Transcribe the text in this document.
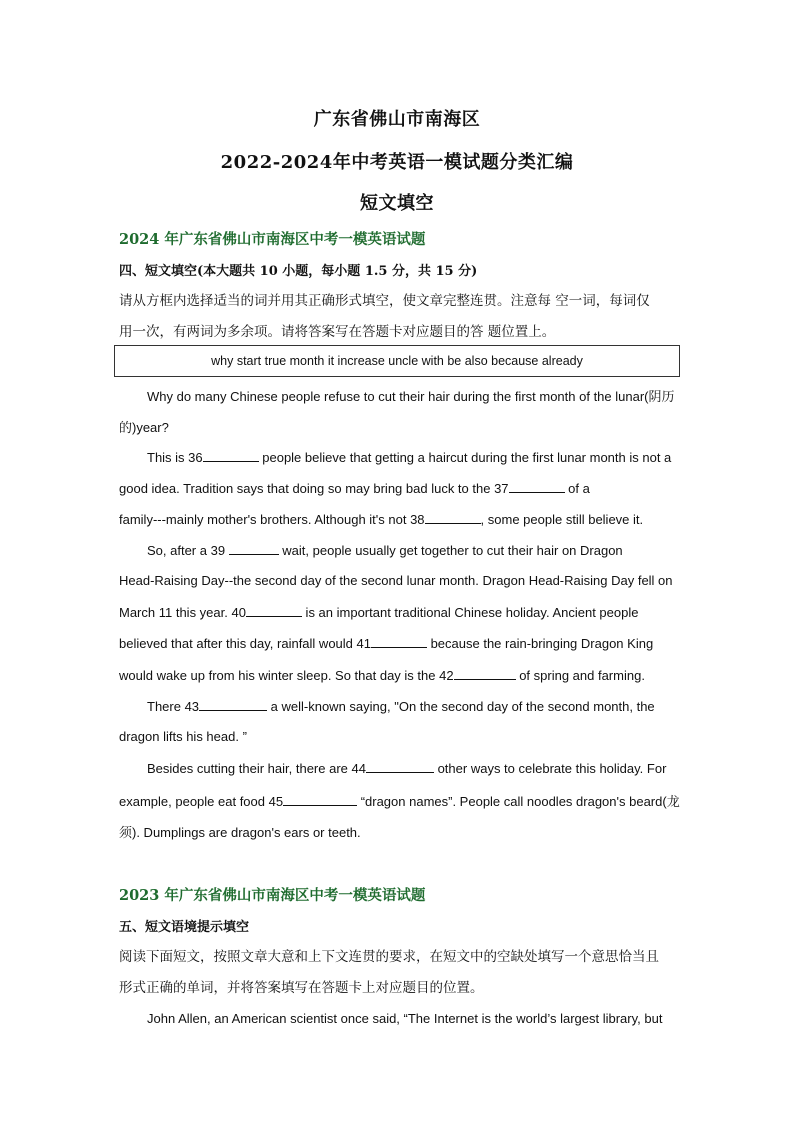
广东省佛山市南海区
2022-2024年中考英语一模试题分类汇编
短文填空
2024 年广东省佛山市南海区中考一模英语试题
四、短文填空(本大题共 10 小题，每小题 1.5 分，共 15 分)
请从方框内选择适当的词并用其正确形式填空，使文章完整连贯。注意每 空一词，每词仅
用一次，有两词为多余项。请将答案写在答题卡对应题目的答 题位置上。
why start true month it increase uncle with be also because already
Why do many Chinese people refuse to cut their hair during the first month of the lunar(阴历
的)year?
This is 36	people believe that getting a haircut during the first lunar month is not a
good idea. Tradition says that doing so may bring bad luck to the 37	of a
family---mainly mother's brothers. Although it's not 38	, some people still believe it.
So, after a 39	wait, people usually get together to cut their hair on Dragon
Head-Raising Day--the second day of the second lunar month. Dragon Head-Raising Day fell on
March 11 this year. 40	is an important traditional Chinese holiday. Ancient people
believed that after this day, rainfall would 41	because the rain-bringing Dragon King
would wake up from his winter sleep. So that day is the 42	of spring and farming.
There 43	a well-known saying, "On the second day of the second month, the
dragon lifts his head. ”
Besides cutting their hair, there are 44	other ways to celebrate this holiday. For
example, people eat food 45	“dragon names”. People call noodles dragon's beard(龙
须). Dumplings are dragon's ears or teeth.
2023 年广东省佛山市南海区中考一模英语试题
五、短文语境提示填空
阅读下面短文，按照文章大意和上下文连贯的要求，在短文中的空缺处填写一个意思恰当且
形式正确的单词，并将答案填写在答题卡上对应题目的位置。
John Allen, an American scientist once said, “The Internet is the world’s largest library, but
